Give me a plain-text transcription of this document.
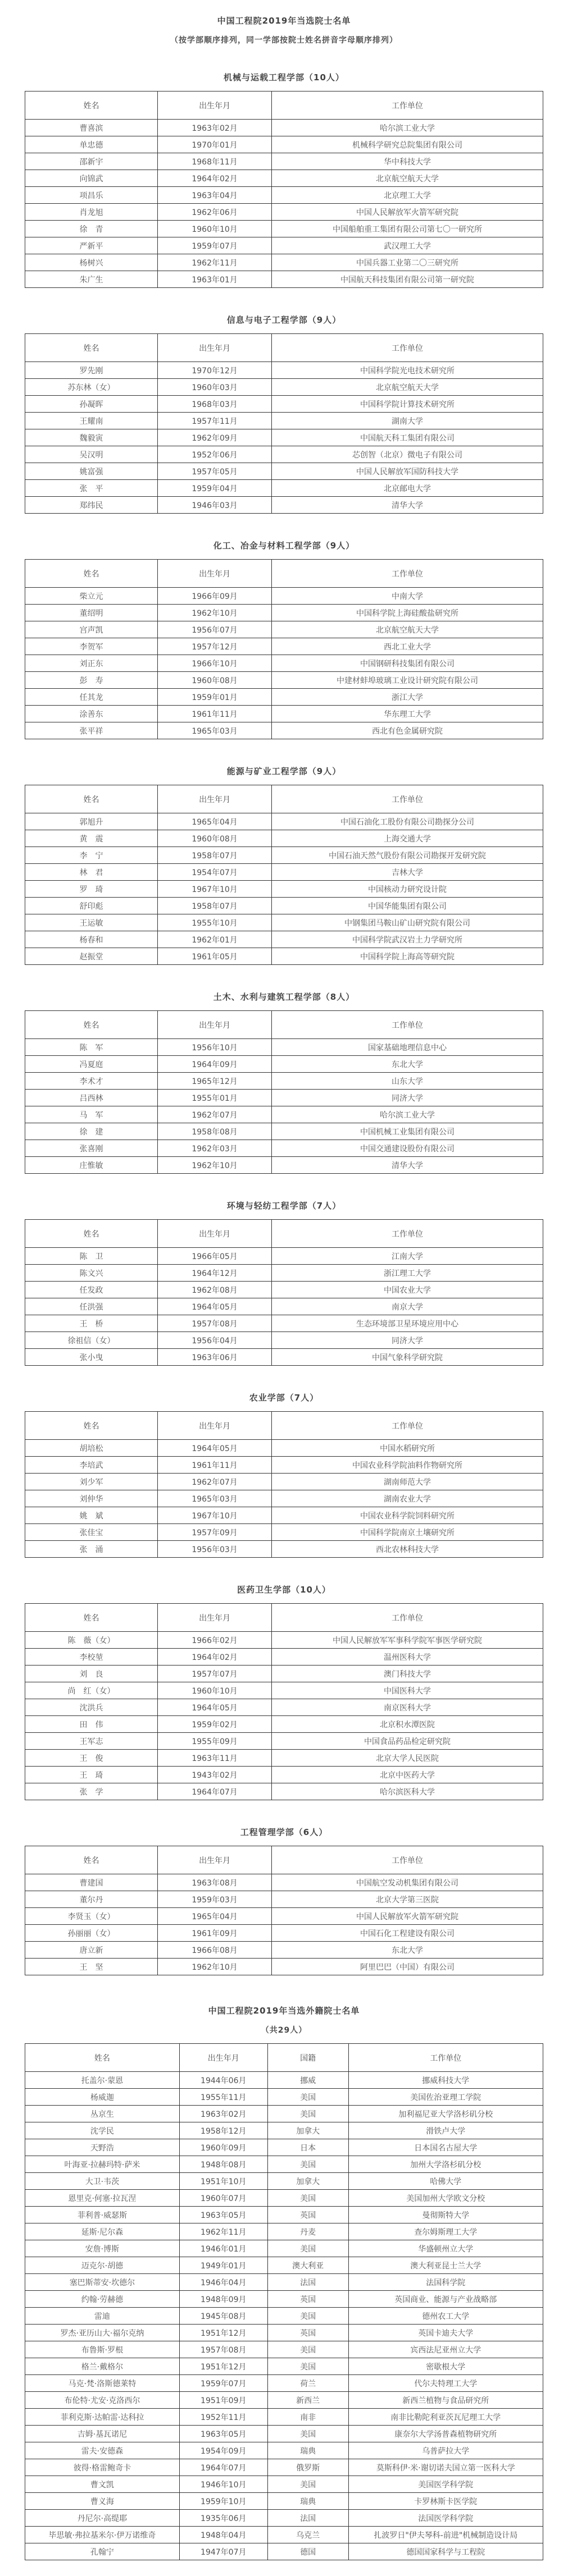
中国工程院2019年当选院士名单
（按学部顺序排列，同一学部按院士姓名拼音字母顺序排列）
机械与运载工程学部（10人）
姓名	出生年月	工作单位
曹喜滨	1963年02月	哈尔滨工业大学
单忠德	1970年01月	机械科学研究总院集团有限公司
邵新宇	1968年11月	华中科技大学
向锦武	1964年02月	北京航空航天大学
项昌乐	1963年04月	北京理工大学
肖龙旭	1962年06月	中国人民解放军火箭军研究院
徐　青	1960年10月	中国船舶重工集团有限公司第七〇一研究所
严新平	1959年07月	武汉理工大学
杨树兴	1962年11月	中国兵器工业第二〇三研究所
朱广生	1963年01月	中国航天科技集团有限公司第一研究院
信息与电子工程学部（9人）
姓名	出生年月	工作单位
罗先刚	1970年12月	中国科学院光电技术研究所
苏东林（女）	1960年03月	北京航空航天大学
孙凝晖	1968年03月	中国科学院计算技术研究所
王耀南	1957年11月	湖南大学
魏毅寅	1962年09月	中国航天科工集团有限公司
吴汉明	1952年06月	芯创智（北京）微电子有限公司
姚富强	1957年05月	中国人民解放军国防科技大学
张　平	1959年04月	北京邮电大学
郑纬民	1946年03月	清华大学
化工、冶金与材料工程学部（9人）
姓名	出生年月	工作单位
柴立元	1966年09月	中南大学
董绍明	1962年10月	中国科学院上海硅酸盐研究所
宫声凯	1956年07月	北京航空航天大学
李贺军	1957年12月	西北工业大学
刘正东	1966年10月	中国钢研科技集团有限公司
彭　寿	1960年08月	中建材蚌埠玻璃工业设计研究院有限公司
任其龙	1959年01月	浙江大学
涂善东	1961年11月	华东理工大学
张平祥	1965年03月	西北有色金属研究院
能源与矿业工程学部（9人）
姓名	出生年月	工作单位
郭旭升	1965年04月	中国石油化工股份有限公司勘探分公司
黄　震	1960年08月	上海交通大学
李　宁	1958年07月	中国石油天然气股份有限公司勘探开发研究院
林　君	1954年07月	吉林大学
罗　琦	1967年10月	中国核动力研究设计院
舒印彪	1958年07月	中国华能集团有限公司
王运敏	1955年10月	中钢集团马鞍山矿山研究院有限公司
杨春和	1962年01月	中国科学院武汉岩土力学研究所
赵振堂	1961年05月	中国科学院上海高等研究院
土木、水利与建筑工程学部（8人）
姓名	出生年月	工作单位
陈　军	1956年10月	国家基础地理信息中心
冯夏庭	1964年09月	东北大学
李术才	1965年12月	山东大学
吕西林	1955年01月	同济大学
马　军	1962年07月	哈尔滨工业大学
徐　建	1958年08月	中国机械工业集团有限公司
张喜刚	1962年03月	中国交通建设股份有限公司
庄惟敏	1962年10月	清华大学
环境与轻纺工程学部（7人）
姓名	出生年月	工作单位
陈　卫	1966年05月	江南大学
陈文兴	1964年12月	浙江理工大学
任发政	1962年08月	中国农业大学
任洪强	1964年05月	南京大学
王　桥	1957年08月	生态环境部卫星环境应用中心
徐祖信（女）	1956年04月	同济大学
张小曳	1963年06月	中国气象科学研究院
农业学部（7人）
姓名	出生年月	工作单位
胡培松	1964年05月	中国水稻研究所
李培武	1961年11月	中国农业科学院油料作物研究所
刘少军	1962年07月	湖南师范大学
刘仲华	1965年03月	湖南农业大学
姚　斌	1967年10月	中国农业科学院饲料研究所
张佳宝	1957年09月	中国科学院南京土壤研究所
张　涌	1956年03月	西北农林科技大学
医药卫生学部（10人）
姓名	出生年月	工作单位
陈　薇（女）	1966年02月	中国人民解放军军事科学院军事医学研究院
李校堃	1964年02月	温州医科大学
刘　良	1957年07月	澳门科技大学
尚　红（女）	1960年10月	中国医科大学
沈洪兵	1964年05月	南京医科大学
田　伟	1959年02月	北京积水潭医院
王军志	1955年09月	中国食品药品检定研究院
王　俊	1963年11月	北京大学人民医院
王　琦	1943年02月	北京中医药大学
张　学	1964年07月	哈尔滨医科大学
工程管理学部（6人）
姓名	出生年月	工作单位
曹建国	1963年08月	中国航空发动机集团有限公司
董尔丹	1959年03月	北京大学第三医院
李贤玉（女）	1965年04月	中国人民解放军火箭军研究院
孙丽丽（女）	1961年09月	中国石化工程建设有限公司
唐立新	1966年08月	东北大学
王　坚	1962年10月	阿里巴巴（中国）有限公司
中国工程院2019年当选外籍院士名单
（共29人）
姓名	出生年月	国籍	工作单位
托盖尔·蒙恩	1944年06月	挪威	挪威科技大学
杨威迦	1955年11月	美国	美国佐治亚理工学院
丛京生	1963年02月	美国	加利福尼亚大学洛杉矶分校
沈学民	1958年12月	加拿大	滑铁卢大学
天野浩	1960年09月	日本	日本国名古屋大学
叶海亚·拉赫玛特·萨米	1948年08月	美国	加州大学洛杉矶分校
大卫·韦茨	1951年10月	加拿大	哈佛大学
恩里克·何塞·拉瓦涅	1960年07月	美国	美国加州大学欧文分校
菲利普·威瑟斯	1963年05月	英国	曼彻斯特大学
延斯·尼尔森	1962年11月	丹麦	查尔姆斯理工大学
安詹·博斯	1946年01月	美国	华盛顿州立大学
迈克尔·胡德	1949年01月	澳大利亚	澳大利亚昆士兰大学
塞巴斯蒂安·坎德尔	1946年04月	法国	法国科学院
约翰·劳赫德	1948年09月	英国	英国商业、能源与产业战略部
雷迪	1945年08月	美国	德州农工大学
罗杰·亚历山大·福尔克纳	1951年12月	英国	英国卡迪夫大学
布鲁斯·罗根	1957年08月	美国	宾西法尼亚州立大学
格兰·戴格尔	1951年12月	美国	密歇根大学
马克·梵·洛斯德莱特	1959年07月	荷兰	代尔夫特理工大学
布伦特·尤安·克洛西尔	1951年09月	新西兰	新西兰植物与食品研究所
菲利克斯·达帕雷·达科拉	1952年11月	南非	南非比勒陀利亚茨瓦尼理工大学
吉姆·基瓦诺尼	1963年05月	美国	康奈尔大学汤普森植物研究所
雷夫·安德森	1954年09月	瑞典	乌普萨拉大学
彼得·格雷鲍奇卡	1964年07月	俄罗斯	莫斯科伊·米·谢切诺夫国立第一医科大学
曹文凯	1946年10月	美国	美国医学科学院
曹义海	1959年10月	瑞典	卡罗林斯卡医学院
丹尼尔·高缇耶	1935年06月	法国	法国医学科学院
毕思敏·弗拉基米尔·伊万诺维奇	1948年04月	乌克兰	扎波罗日"伊夫琴科-前进"机械制造设计局
孔翰宁	1947年07月	德国	德国国家科学与工程院
